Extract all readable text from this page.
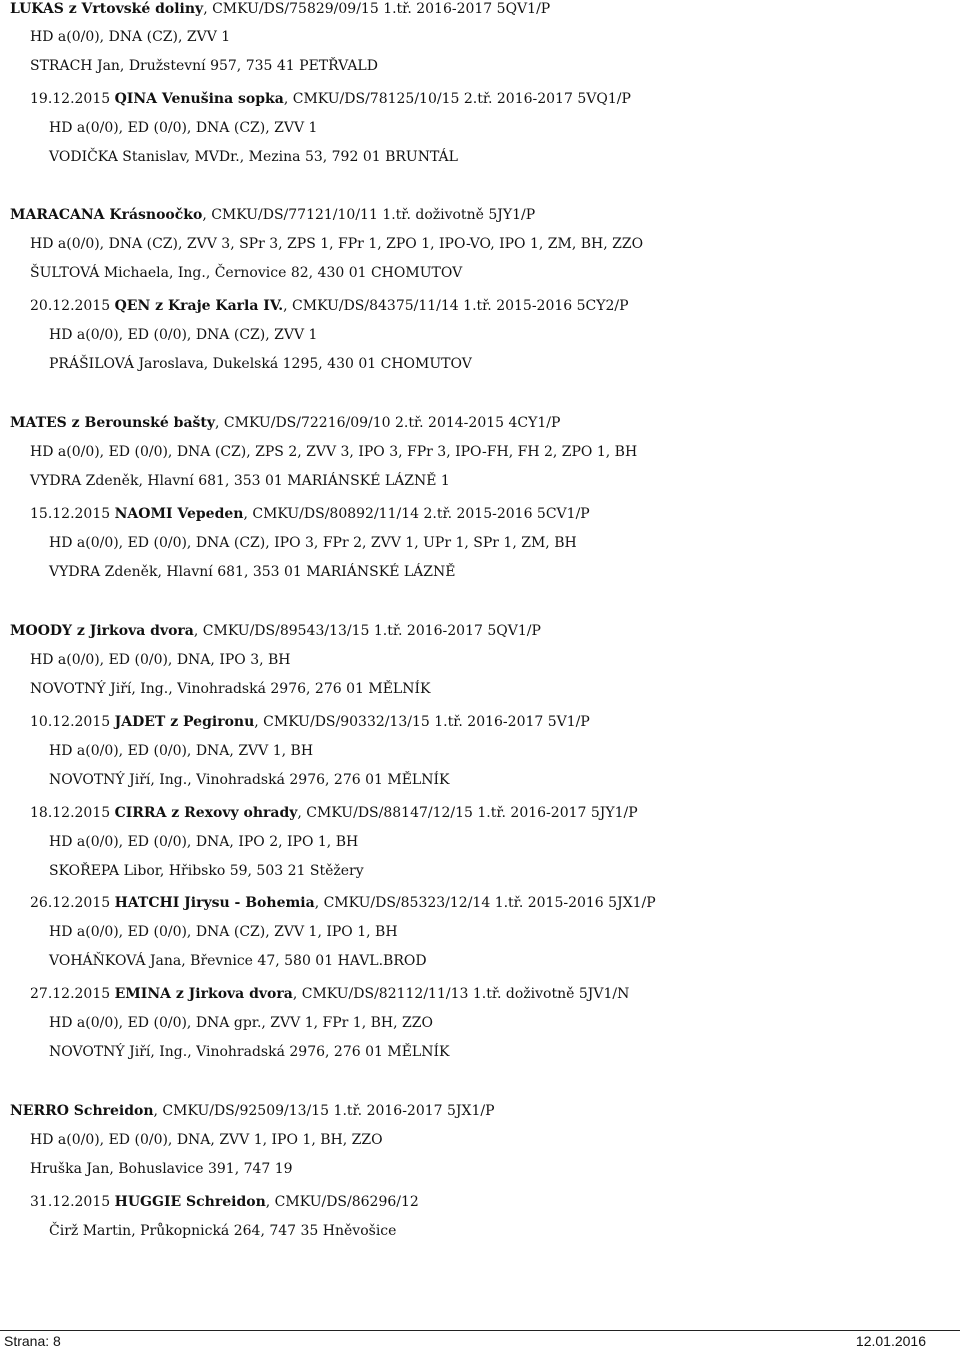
LUKAS z Vrtovské doliny, CMKU/DS/75829/09/15 1.tř. 2016-2017 5QV1/P
HD a(0/0), DNA (CZ), ZVV 1
STRACH Jan, Družstevní 957, 735 41 PETŘVALD
19.12.2015 QINA Venušina sopka, CMKU/DS/78125/10/15 2.tř. 2016-2017 5VQ1/P
HD a(0/0), ED (0/0), DNA (CZ), ZVV 1
VODIČKA Stanislav, MVDr., Mezina 53, 792 01 BRUNTÁL
MARACANA Krásnoočko, CMKU/DS/77121/10/11 1.tř. doživotně 5JY1/P
HD a(0/0), DNA (CZ), ZVV 3, SPr 3, ZPS 1, FPr 1, ZPO 1, IPO-VO, IPO 1, ZM, BH, ZZO
ŠULTOVÁ Michaela, Ing., Černovice 82, 430 01 CHOMUTOV
20.12.2015 QEN z Kraje Karla IV., CMKU/DS/84375/11/14 1.tř. 2015-2016 5CY2/P
HD a(0/0), ED (0/0), DNA (CZ), ZVV 1
PRÁŠILOVÁ Jaroslava, Dukelská 1295, 430 01 CHOMUTOV
MATES z Berounské bašty, CMKU/DS/72216/09/10 2.tř. 2014-2015 4CY1/P
HD a(0/0), ED (0/0), DNA (CZ), ZPS 2, ZVV 3, IPO 3, FPr 3, IPO-FH, FH 2, ZPO 1, BH
VYDRA Zdeněk, Hlavní 681, 353 01 MARIÁNSKÉ LÁZNĚ 1
15.12.2015 NAOMI Vepeden, CMKU/DS/80892/11/14 2.tř. 2015-2016 5CV1/P
HD a(0/0), ED (0/0), DNA (CZ), IPO 3, FPr 2, ZVV 1, UPr 1, SPr 1, ZM, BH
VYDRA Zdeněk, Hlavní 681, 353 01 MARIÁNSKÉ LÁZNĚ
MOODY z Jirkova dvora, CMKU/DS/89543/13/15 1.tř. 2016-2017 5QV1/P
HD a(0/0), ED (0/0), DNA, IPO 3, BH
NOVOTNÝ Jiří, Ing., Vinohradská 2976, 276 01 MĚLNÍK
10.12.2015 JADET z Pegironu, CMKU/DS/90332/13/15 1.tř. 2016-2017 5V1/P
HD a(0/0), ED (0/0), DNA, ZVV 1, BH
NOVOTNÝ Jiří, Ing., Vinohradská 2976, 276 01 MĚLNÍK
18.12.2015 CIRRA z Rexovy ohrady, CMKU/DS/88147/12/15 1.tř. 2016-2017 5JY1/P
HD a(0/0), ED (0/0), DNA, IPO 2, IPO 1, BH
SKOŘEPA Libor, Hřibsko 59, 503 21 Stěžery
26.12.2015 HATCHI Jirysu - Bohemia, CMKU/DS/85323/12/14 1.tř. 2015-2016 5JX1/P
HD a(0/0), ED (0/0), DNA (CZ), ZVV 1, IPO 1, BH
VOHÁŇKOVÁ Jana, Břevnice 47, 580 01 HAVL.BROD
27.12.2015 EMINA z Jirkova dvora, CMKU/DS/82112/11/13 1.tř. doživotně 5JV1/N
HD a(0/0), ED (0/0), DNA gpr., ZVV 1, FPr 1, BH, ZZO
NOVOTNÝ Jiří, Ing., Vinohradská 2976, 276 01 MĚLNÍK
NERRO Schreidon, CMKU/DS/92509/13/15 1.tř. 2016-2017 5JX1/P
HD a(0/0), ED (0/0), DNA, ZVV 1, IPO 1, BH, ZZO
Hruška Jan, Bohuslavice 391, 747 19
31.12.2015 HUGGIE Schreidon, CMKU/DS/86296/12
Čirž Martin, Průkopnická 264, 747 35 Hněvošice
Strana: 8	12.01.2016
